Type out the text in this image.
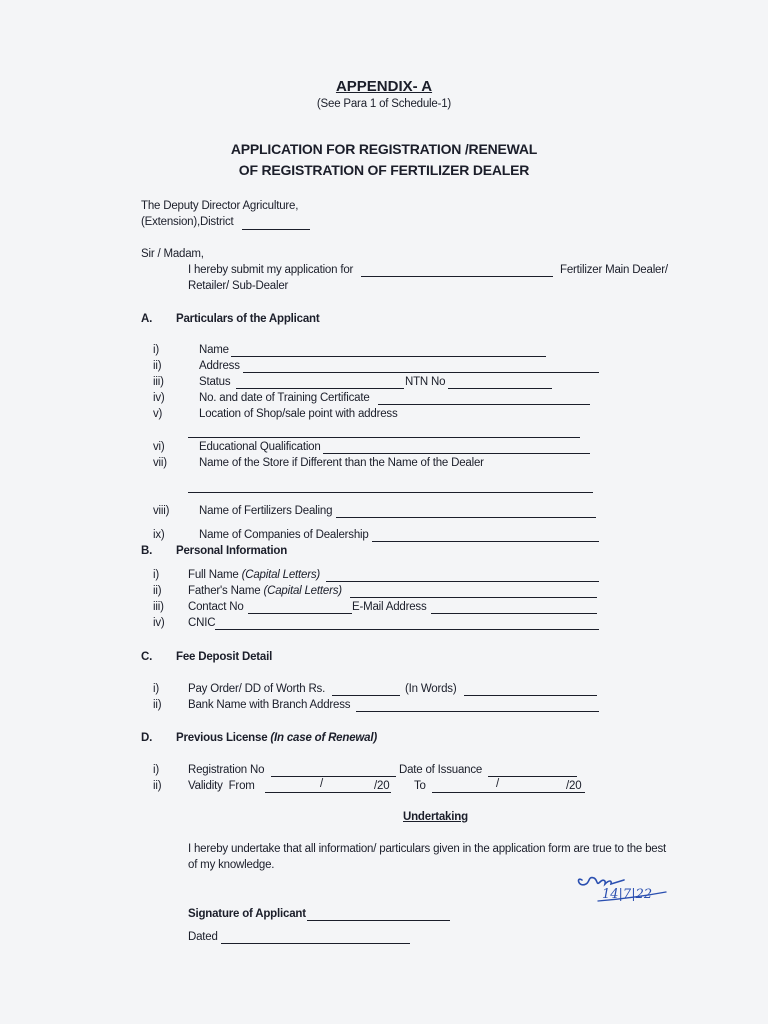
APPENDIX- A
(See Para 1 of Schedule-1)
APPLICATION FOR REGISTRATION /RENEWAL
OF REGISTRATION OF FERTILIZER DEALER
The Deputy Director Agriculture,
(Extension),District
Sir / Madam,
I hereby submit my application for	Fertilizer Main Dealer/
Retailer/ Sub-Dealer
A. Particulars of the Applicant
i)	Name
ii)	Address
iii)	Status	NTN No
iv)	No. and date of Training Certificate
v)	Location of Shop/sale point with address
vi)	Educational Qualification
vii)	Name of the Store if Different than the Name of the Dealer
viii)	Name of Fertilizers Dealing
ix)	Name of Companies of Dealership
B. Personal Information
i)	Full Name (Capital Letters)
ii) Father's Name (Capital Letters)
iii) Contact No	E-Mail Address
iv) CNIC
C. Fee Deposit Detail
i)	Pay Order/ DD of Worth Rs.	(In Words)
ii) Bank Name with Branch Address
D. Previous License (In case of Renewal)
i)	Registration No	Date of Issuance
ii) Validity  From	/	/20 To	/	/20
Undertaking
I hereby undertake that all information/ particulars given in the application form are true to the best
of my knowledge.
14|7|22
Signature of Applicant
Dated
